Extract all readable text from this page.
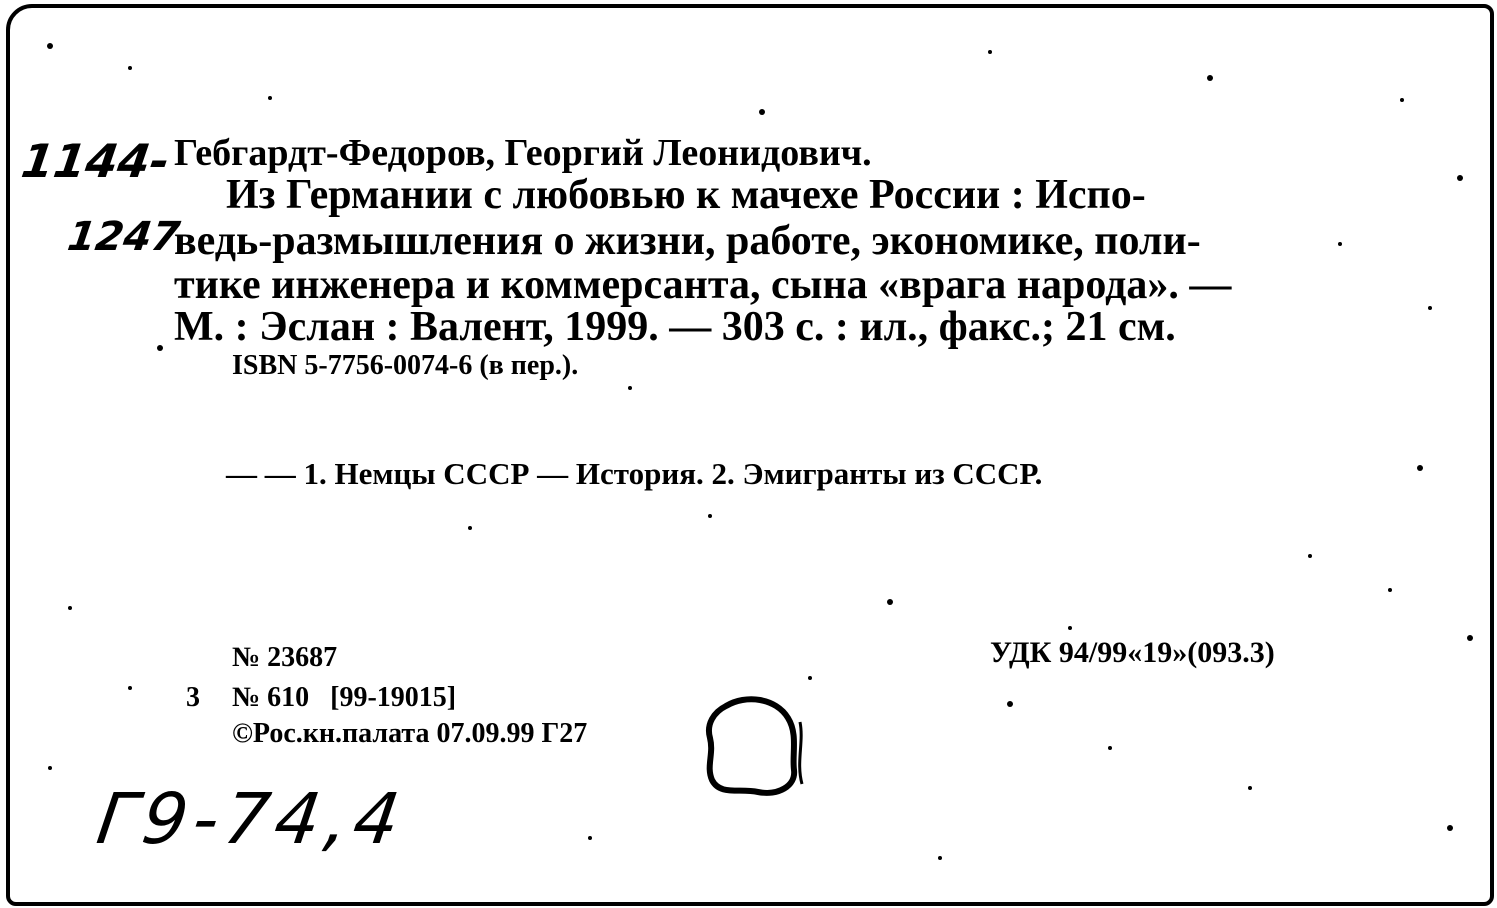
1144-
1247
Гебгардт-Федоров, Георгий Леонидович.
Из Германии с любовью к мачехе России : Испо-
ведь-размышления о жизни, работе, экономике, поли-
тике инженера и коммерсанта, сына «врага народа». —
М. : Эслан : Валент, 1999. — 303 с. : ил., факс.; 21 см.
ISBN 5-7756-0074-6 (в пер.).
— — 1. Немцы СССР — История. 2. Эмигранты из СССР.
№ 23687	УДК 94/99«19»(093.3)
3 № 610   [99-19015]
©Рос.кн.палата 07.09.99 Г27
Г9-74,4
